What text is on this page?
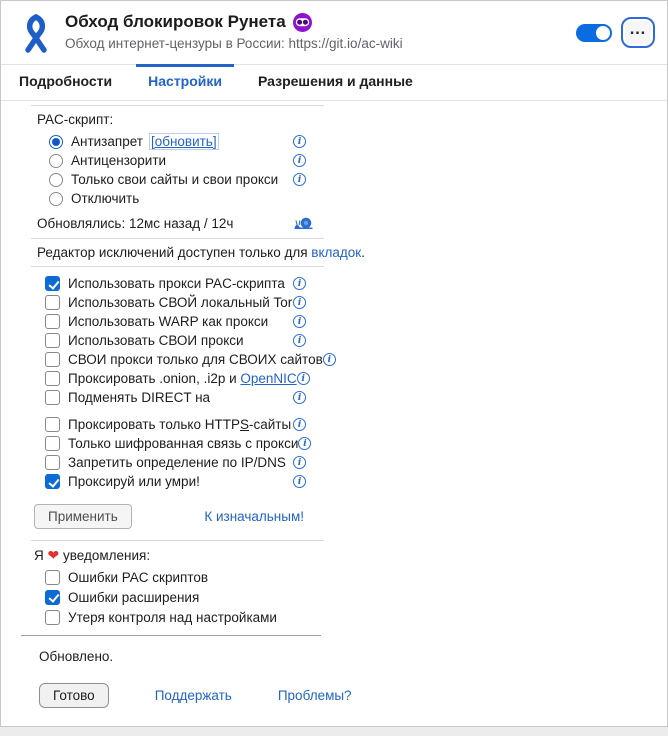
Обход блокировок Рунета
Обход интернет-цензуры в России: https://git.io/ac-wiki
…
Подробности	Настройки	Разрешения и данные
PAC-скрипт:
Антизапрет [обновить]	i
Антицензорити	i
Только свои сайты и свои прокси	i
Отключить
Обновлялись: 12мс назад / 12ч
Редактор исключений доступен только для вкладок.
Использовать прокси PAC-скрипта	i
Использовать СВОЙ локальный Tor i
Использовать WARP как прокси	i
Использовать СВОИ прокси	i
СВОИ прокси только для СВОИХ сайтов i
Проксировать .onion, .i2p и OpenNIC i
Подменять DIRECT на	i
Проксировать только HTTPS-сайты i
Только шифрованная связь с прокси i
Запретить определение по IP/DNS	i
Проксируй или умри!	i
Применить	К изначальным!
Я ❤ уведомления:
Ошибки PAC скриптов
Ошибки расширения
Утеря контроля над настройками
Обновлено.
Готово	Поддержать	Проблемы?
